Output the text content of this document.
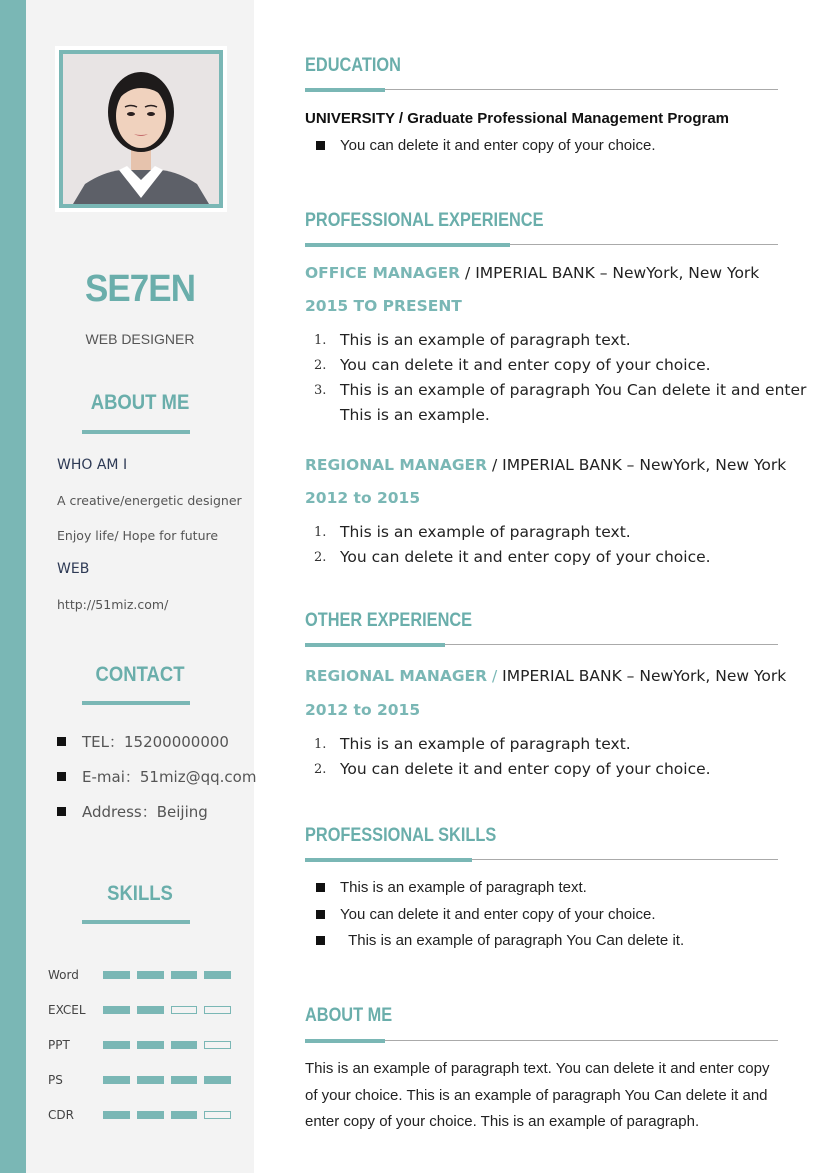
SE7EN
WEB DESIGNER
ABOUT ME
WHO AM I
A creative/energetic designer
Enjoy life/ Hope for future
WEB
http://51miz.com/
CONTACT
TEL：15200000000
E-mai：51miz@qq.com
Address：Beijing
SKILLS
Word
EXCEL
PPT
PS
CDR
EDUCATION
UNIVERSITY / Graduate Professional Management Program
You can delete it and enter copy of your choice.
PROFESSIONAL EXPERIENCE
OFFICE MANAGER / IMPERIAL BANK – NewYork, New York
2015 TO PRESENT
1. This is an example of paragraph text.
2. You can delete it and enter copy of your choice.
3. This is an example of paragraph You Can delete it and enter
This is an example.
REGIONAL MANAGER / IMPERIAL BANK – NewYork, New York
2012 to 2015
1. This is an example of paragraph text.
2. You can delete it and enter copy of your choice.
OTHER EXPERIENCE
REGIONAL MANAGER / IMPERIAL BANK – NewYork, New York
2012 to 2015
1. This is an example of paragraph text.
2. You can delete it and enter copy of your choice.
PROFESSIONAL SKILLS
This is an example of paragraph text.
You can delete it and enter copy of your choice.
This is an example of paragraph You Can delete it.
ABOUT ME
This is an example of paragraph text. You can delete it and enter copy of your choice. This is an example of paragraph You Can delete it and enter copy of your choice. This is an example of paragraph.
